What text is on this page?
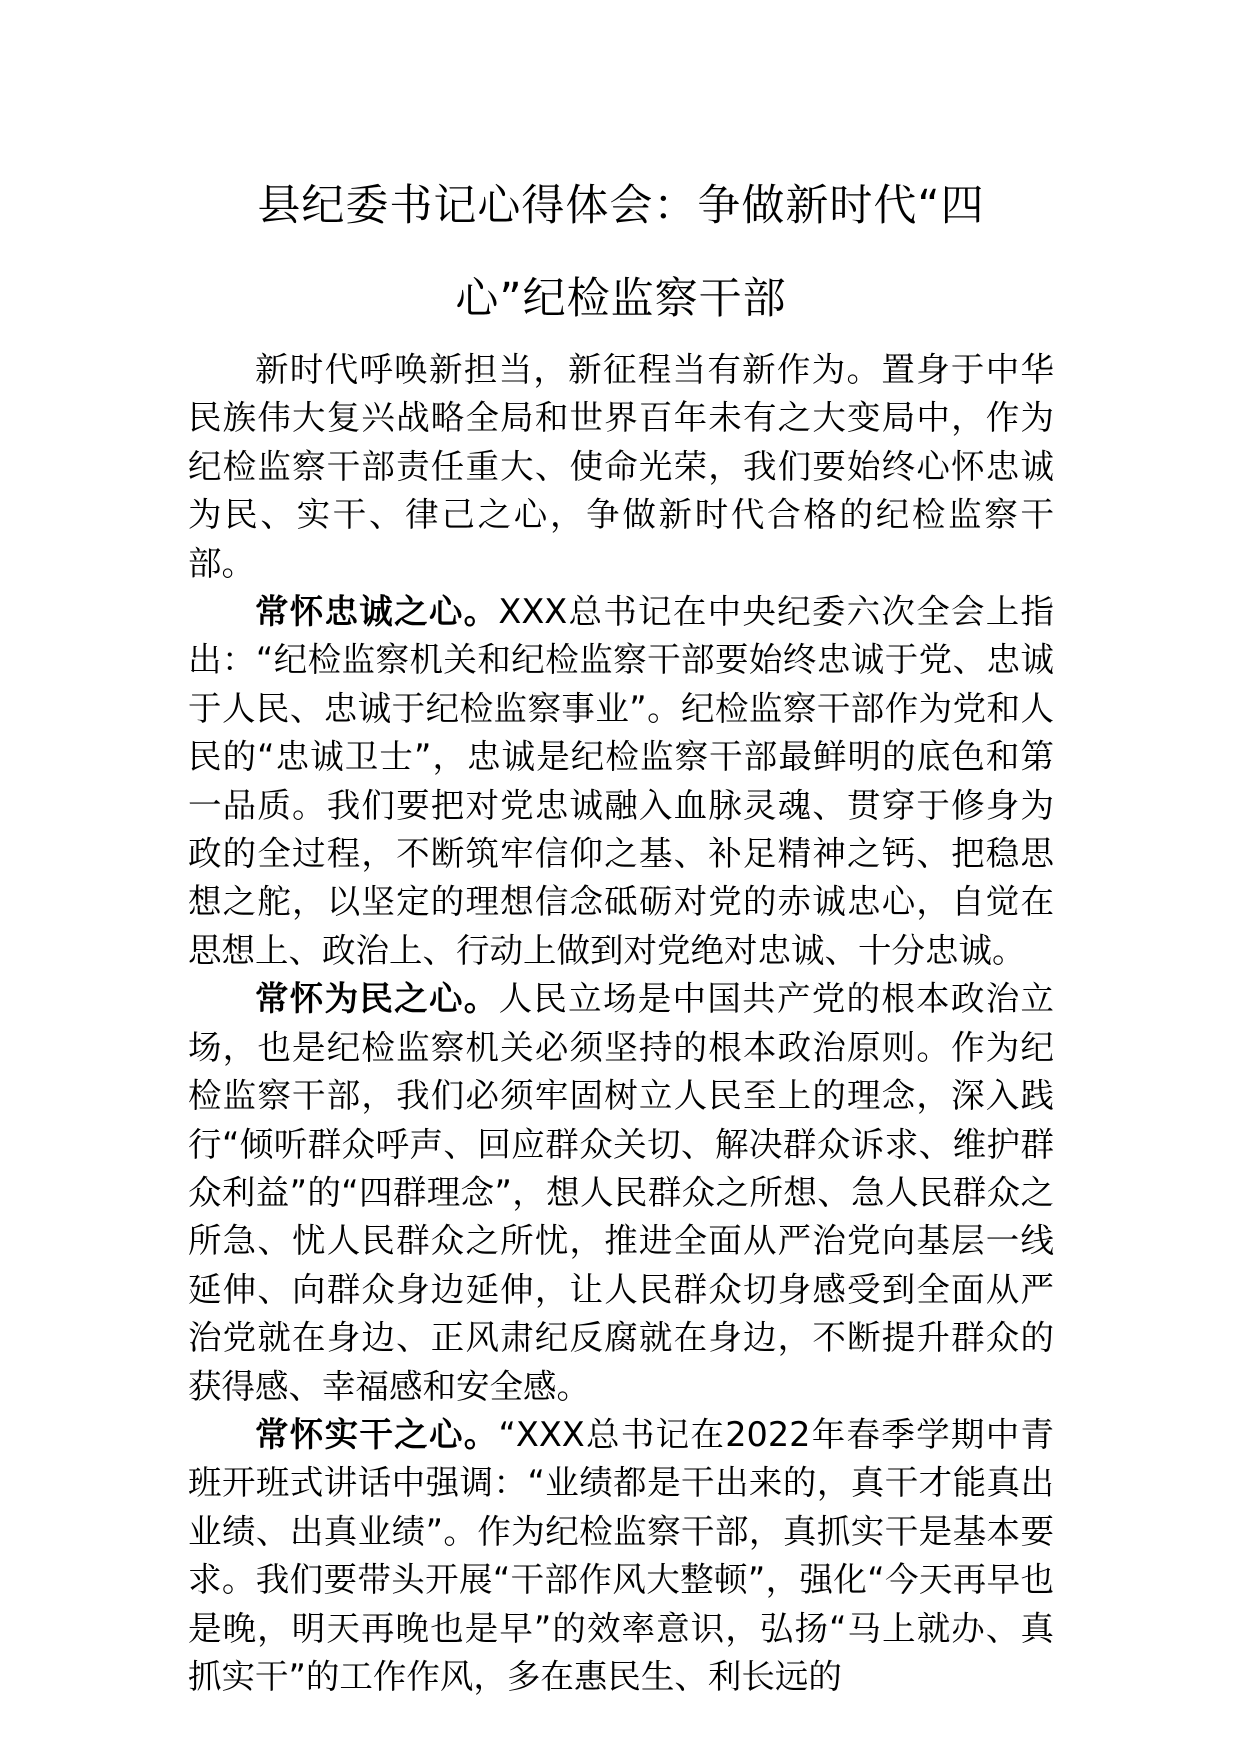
县纪委书记心得体会：争做新时代“四
心”纪检监察干部

新时代呼唤新担当，新征程当有新作为。置身于中华民族伟大复兴战略全局和世界百年未有之大变局中，作为纪检监察干部责任重大、使命光荣，我们要始终心怀忠诚为民、实干、律己之心，争做新时代合格的纪检监察干部。

常怀忠诚之心。XXX总书记在中央纪委六次全会上指出：“纪检监察机关和纪检监察干部要始终忠诚于党、忠诚于人民、忠诚于纪检监察事业”。纪检监察干部作为党和人民的“忠诚卫士”，忠诚是纪检监察干部最鲜明的底色和第一品质。我们要把对党忠诚融入血脉灵魂、贯穿于修身为政的全过程，不断筑牢信仰之基、补足精神之钙、把稳思想之舵，以坚定的理想信念砥砺对党的赤诚忠心，自觉在思想上、政治上、行动上做到对党绝对忠诚、十分忠诚。

常怀为民之心。人民立场是中国共产党的根本政治立场，也是纪检监察机关必须坚持的根本政治原则。作为纪检监察干部，我们必须牢固树立人民至上的理念，深入践行“倾听群众呼声、回应群众关切、解决群众诉求、维护群众利益”的“四群理念”，想人民群众之所想、急人民群众之所急、忧人民群众之所忧，推进全面从严治党向基层一线延伸、向群众身边延伸，让人民群众切身感受到全面从严治党就在身边、正风肃纪反腐就在身边，不断提升群众的获得感、幸福感和安全感。

常怀实干之心。“XXX总书记在2022年春季学期中青班开班式讲话中强调：“业绩都是干出来的，真干才能真出业绩、出真业绩”。作为纪检监察干部，真抓实干是基本要求。我们要带头开展“干部作风大整顿”，强化“今天再早也是晚，明天再晚也是早”的效率意识，弘扬“马上就办、真抓实干”的工作作风，多在惠民生、利长远的
